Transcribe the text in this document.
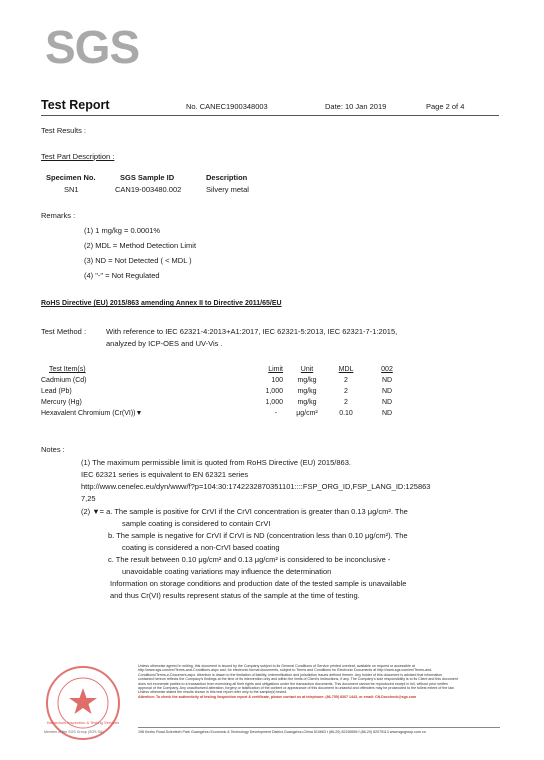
SGS
Test Report	No. CANEC1900348003	Date: 10 Jan 2019	Page 2 of 4
Test Results :
Test Part Description :
Specimen No.	SGS Sample ID	Description
SN1	CAN19-003480.002	Silvery metal
Remarks :
(1) 1 mg/kg = 0.0001%
(2) MDL = Method Detection Limit
(3) ND = Not Detected ( < MDL )
(4) "-" = Not Regulated
RoHS Directive (EU) 2015/863 amending Annex II to Directive 2011/65/EU
Test Method :	With reference to IEC 62321-4:2013+A1:2017, IEC 62321-5:2013, IEC 62321-7-1:2015,
analyzed by ICP-OES and UV-Vis .
Test Item(s)	Limit	Unit	MDL	002
Cadmium (Cd)	100	mg/kg	2	ND
Lead (Pb)	1,000	mg/kg	2	ND
Mercury (Hg)	1,000	mg/kg	2	ND
Hexavalent Chromium (Cr(VI))▼	-	μg/cm²	0.10	ND
Notes :
(1) The maximum permissible limit is quoted from RoHS Directive (EU) 2015/863.
IEC 62321 series is equivalent to EN 62321 series
http://www.cenelec.eu/dyn/www/f?p=104:30:1742232870351101::::FSP_ORG_ID,FSP_LANG_ID:125863
7,25
(2) ▼= a. The sample is positive for CrVI if the CrVI concentration is greater than 0.13 μg/cm². The
sample coating is considered to contain CrVI
b. The sample is negative for CrVI if CrVI is ND (concentration less than 0.10 μg/cm²). The
coating is considered a non-CrVI based coating
c. The result between 0.10 μg/cm² and 0.13 μg/cm² is considered to be inconclusive -
unavoidable coating variations may influence the determination
Information on storage conditions and production date of the tested sample is unavailable
and thus Cr(VI) results represent status of the sample at the time of testing.
Hazardous Inspection & Testing Services
Member of the SGS Group (SGS SA)
Unless otherwise agreed in writing, this document is issued by the Company subject to its General Conditions of Service printed overleaf, available on request or accessible at http://www.sgs.com/en/Terms-and-Conditions.aspx and, for electronic format documents, subject to Terms and Conditions for Electronic Documents at http://www.sgs.com/en/Terms-and-Conditions/Terms-e-Document.aspx. Attention is drawn to the limitation of liability, indemnification and jurisdiction issues defined therein. Any holder of this document is advised that information contained hereon reflects the Company's findings at the time of its intervention only and within the limits of Client's instructions, if any. The Company's sole responsibility is to its Client and this document does not exonerate parties to a transaction from exercising all their rights and obligations under the transaction documents. This document cannot be reproduced except in full, without prior written approval of the Company. Any unauthorized alteration, forgery or falsification of the content or appearance of this document is unlawful and offenders may be prosecuted to the fullest extent of the law. Unless otherwise stated the results shown in this test report refer only to the sample(s) tested.
Attention: To check the authenticity of testing /inspection report & certificate, please contact us at telephone: (86-755) 8307 1443, or email: CN.Doccheck@sgs.com
198 Kezhu Road,Scientech Park Guangzhou Economic & Technology Development District,Guangzhou,China 510663 t (86-20) 82155555 f (86-20) 82075113 www.sgsgroup.com.cn
